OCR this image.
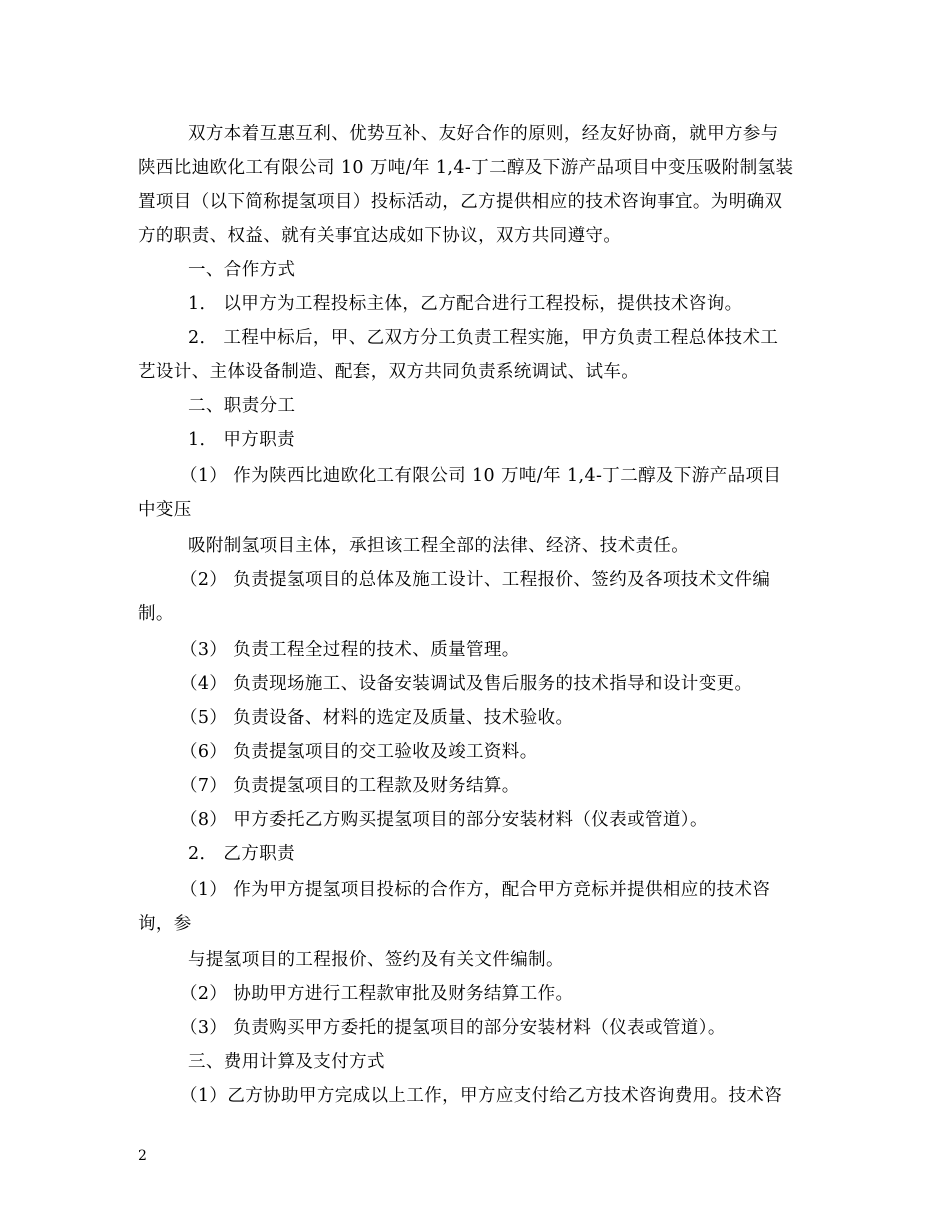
双方本着互惠互利、优势互补、友好合作的原则，经友好协商，就甲方参与
陕西比迪欧化工有限公司 10 万吨/年 1,4-丁二醇及下游产品项目中变压吸附制氢装
置项目（以下简称提氢项目）投标活动，乙方提供相应的技术咨询事宜。为明确双
方的职责、权益、就有关事宜达成如下协议，双方共同遵守。
一、合作方式
1． 以甲方为工程投标主体，乙方配合进行工程投标，提供技术咨询。
2． 工程中标后，甲、乙双方分工负责工程实施，甲方负责工程总体技术工
艺设计、主体设备制造、配套，双方共同负责系统调试、试车。
二、职责分工
1． 甲方职责
（1） 作为陕西比迪欧化工有限公司 10 万吨/年 1,4-丁二醇及下游产品项目
中变压
吸附制氢项目主体，承担该工程全部的法律、经济、技术责任。
（2） 负责提氢项目的总体及施工设计、工程报价、签约及各项技术文件编
制。
（3） 负责工程全过程的技术、质量管理。
（4） 负责现场施工、设备安装调试及售后服务的技术指导和设计变更。
（5） 负责设备、材料的选定及质量、技术验收。
（6） 负责提氢项目的交工验收及竣工资料。
（7） 负责提氢项目的工程款及财务结算。
（8） 甲方委托乙方购买提氢项目的部分安装材料（仪表或管道）。
2． 乙方职责
（1） 作为甲方提氢项目投标的合作方，配合甲方竞标并提供相应的技术咨
询，参
与提氢项目的工程报价、签约及有关文件编制。
（2） 协助甲方进行工程款审批及财务结算工作。
（3） 负责购买甲方委托的提氢项目的部分安装材料（仪表或管道）。
三、费用计算及支付方式
（1）乙方协助甲方完成以上工作，甲方应支付给乙方技术咨询费用。技术咨
2
